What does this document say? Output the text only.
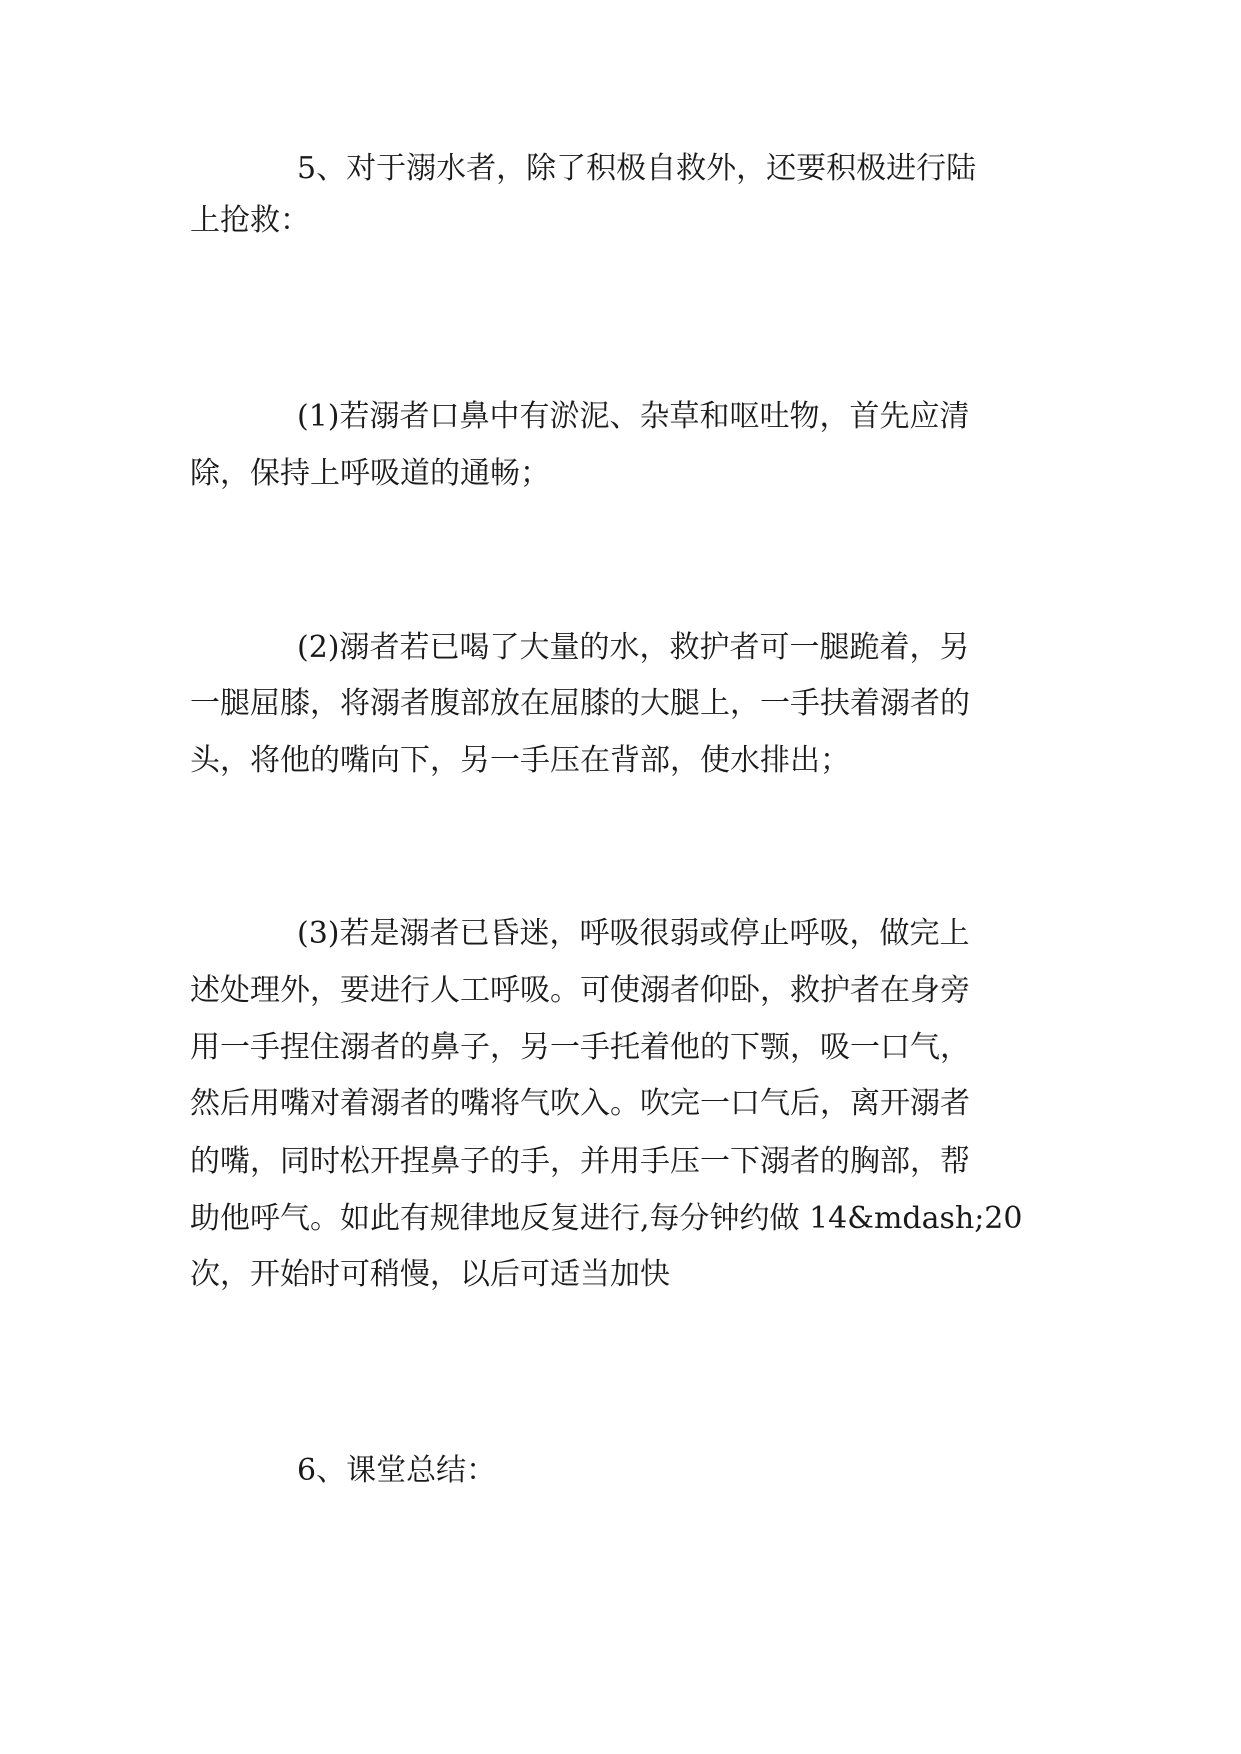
5、对于溺水者，除了积极自救外，还要积极进行陆

上抢救：

(1)若溺者口鼻中有淤泥、杂草和呕吐物，首先应清

除，保持上呼吸道的通畅；

(2)溺者若已喝了大量的水，救护者可一腿跪着，另

一腿屈膝，将溺者腹部放在屈膝的大腿上，一手扶着溺者的

头，将他的嘴向下，另一手压在背部，使水排出；

(3)若是溺者已昏迷，呼吸很弱或停止呼吸，做完上

述处理外，要进行人工呼吸。可使溺者仰卧，救护者在身旁

用一手捏住溺者的鼻子，另一手托着他的下颚，吸一口气，

然后用嘴对着溺者的嘴将气吹入。吹完一口气后，离开溺者

的嘴，同时松开捏鼻子的手，并用手压一下溺者的胸部，帮

助他呼气。如此有规律地反复进行,每分钟约做 14&mdash;20

次，开始时可稍慢，以后可适当加快

6、课堂总结：
